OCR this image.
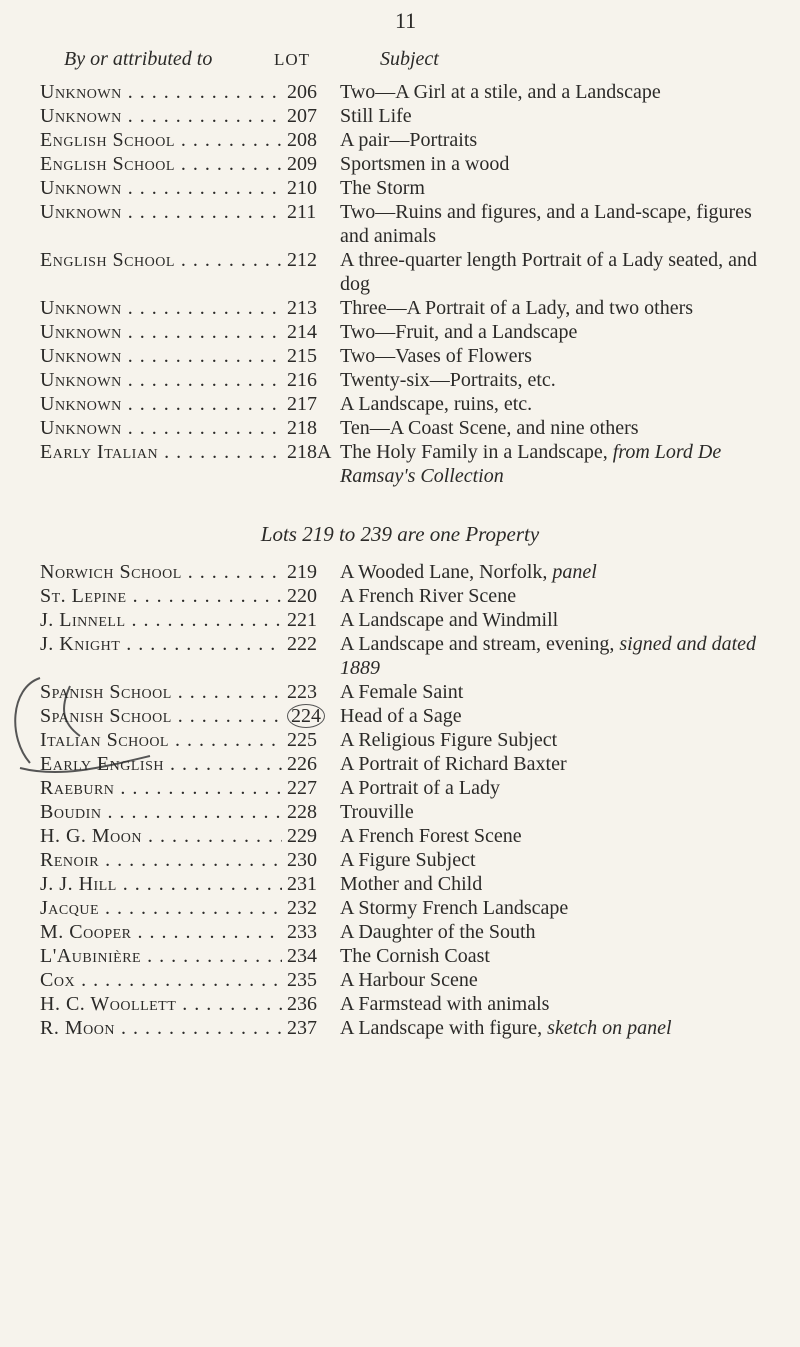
11
By or attributed to	LOT	Subject
Unknown . . .	206	Two—A Girl at a stile, and a Landscape
Unknown . . .	207	Still Life
English School . . .	208	A pair—Portraits
English School . . .	209	Sportsmen in a wood
Unknown . . .	210	The Storm
Unknown . . .	211	Two—Ruins and figures, and a Land-scape, figures and animals
English School . . .	212	A three-quarter length Portrait of a Lady seated, and dog
Unknown . . .	213	Three—A Portrait of a Lady, and two others
Unknown . . .	214	Two—Fruit, and a Landscape
Unknown . . .	215	Two—Vases of Flowers
Unknown . . .	216	Twenty-six—Portraits, etc.
Unknown . . .	217	A Landscape, ruins, etc.
Unknown . . .	218	Ten—A Coast Scene, and nine others
Early Italian . . .	218A The Holy Family in a Landscape, from Lord De Ramsay's Collection
Lots 219 to 239 are one Property
Norwich School . . .	219	A Wooded Lane, Norfolk, panel
St. Lepine . . .	220	A French River Scene
J. Linnell . . .	221	A Landscape and Windmill
J. Knight . . .	222	A Landscape and stream, evening, signed and dated 1889
Spanish School . . .	223	A Female Saint
Spanish School . . .	224 Head of a Sage
Italian School . . .	225	A Religious Figure Subject
Early English . . .	226	A Portrait of Richard Baxter
Raeburn . . .	227	A Portrait of a Lady
Boudin . . .	228	Trouville
H. G. Moon . . .	229	A French Forest Scene
Renoir . . .	230	A Figure Subject
J. J. Hill . . .	231	Mother and Child
Jacque . . .	232	A Stormy French Landscape
M. Cooper . . .	233	A Daughter of the South
L'Aubinière . . .	234	The Cornish Coast
Cox . . .	235	A Harbour Scene
H. C. Woollett . . .	236	A Farmstead with animals
R. Moon . . .	237	A Landscape with figure, sketch on panel
